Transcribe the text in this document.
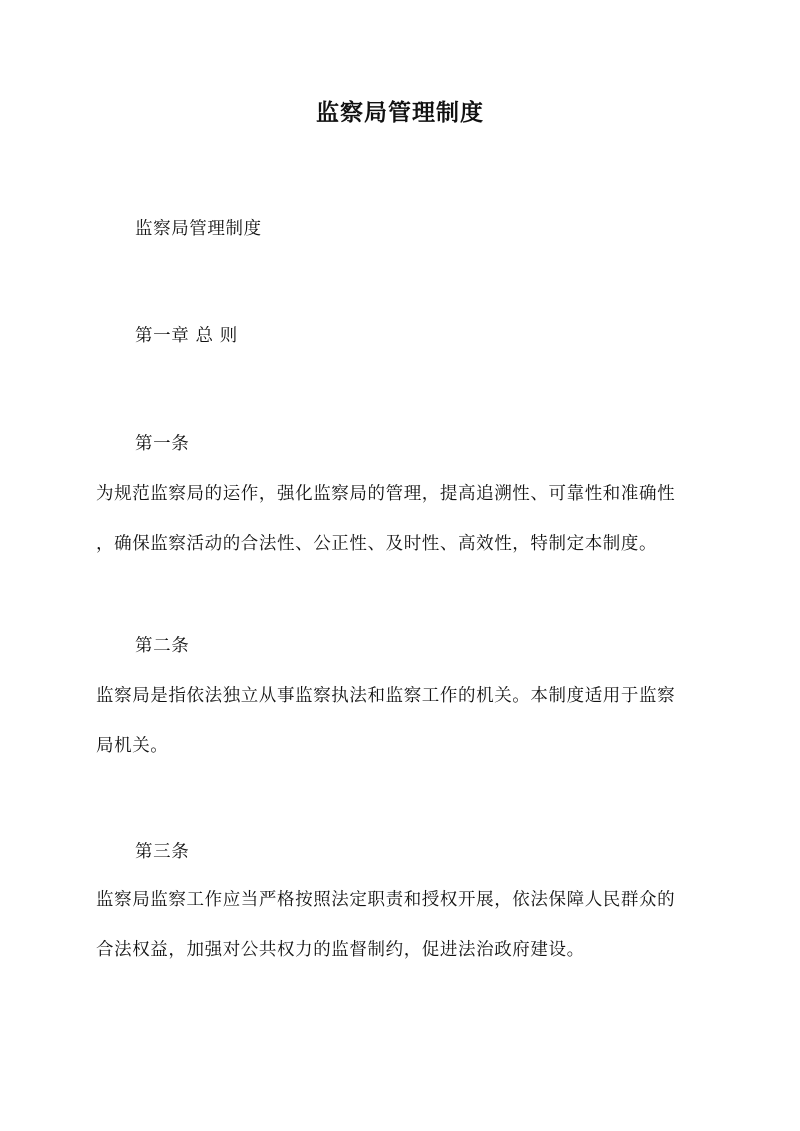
监察局管理制度
监察局管理制度
第一章 总 则
第一条
为规范监察局的运作，强化监察局的管理，提高追溯性、可靠性和准确性
，确保监察活动的合法性、公正性、及时性、高效性，特制定本制度。
第二条
监察局是指依法独立从事监察执法和监察工作的机关。本制度适用于监察
局机关。
第三条
监察局监察工作应当严格按照法定职责和授权开展，依法保障人民群众的
合法权益，加强对公共权力的监督制约，促进法治政府建设。
